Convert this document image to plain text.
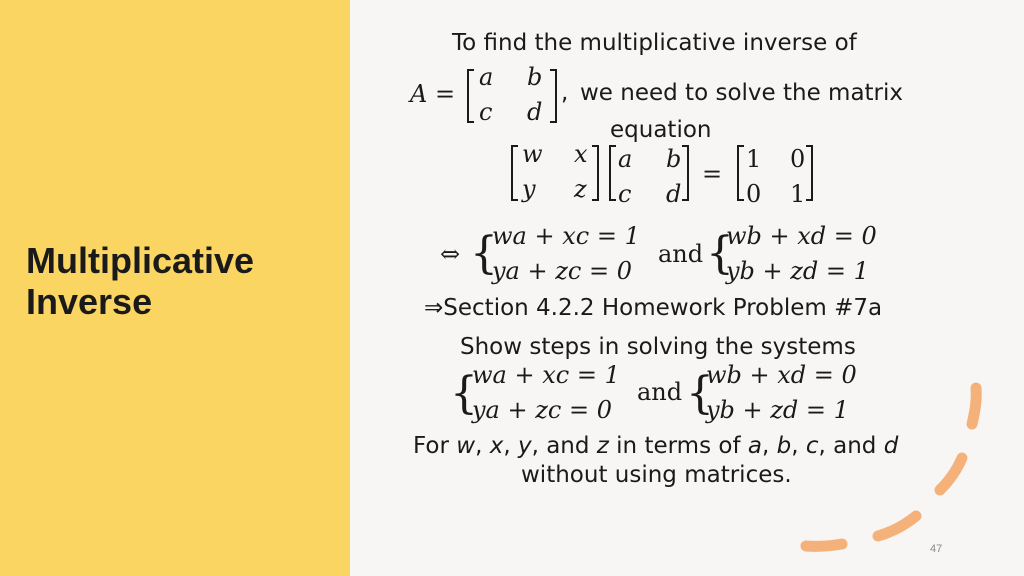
Multiplicative
Inverse
To find the multiplicative inverse of
A =
a b
c d
, we need to solve the matrix
equation
w x
y z
a b
c d
=
1 0
0 1
⇔ {
wa + xc = 1
ya + zc = 0
and {
wb + xd = 0
yb + zd = 1
⇒Section 4.2.2 Homework Problem #7a
Show steps in solving the systems
{
wa + xc = 1
ya + zc = 0
and {
wb + xd = 0
yb + zd = 1
For w, x, y, and z in terms of a, b, c, and d
without using matrices.
47
